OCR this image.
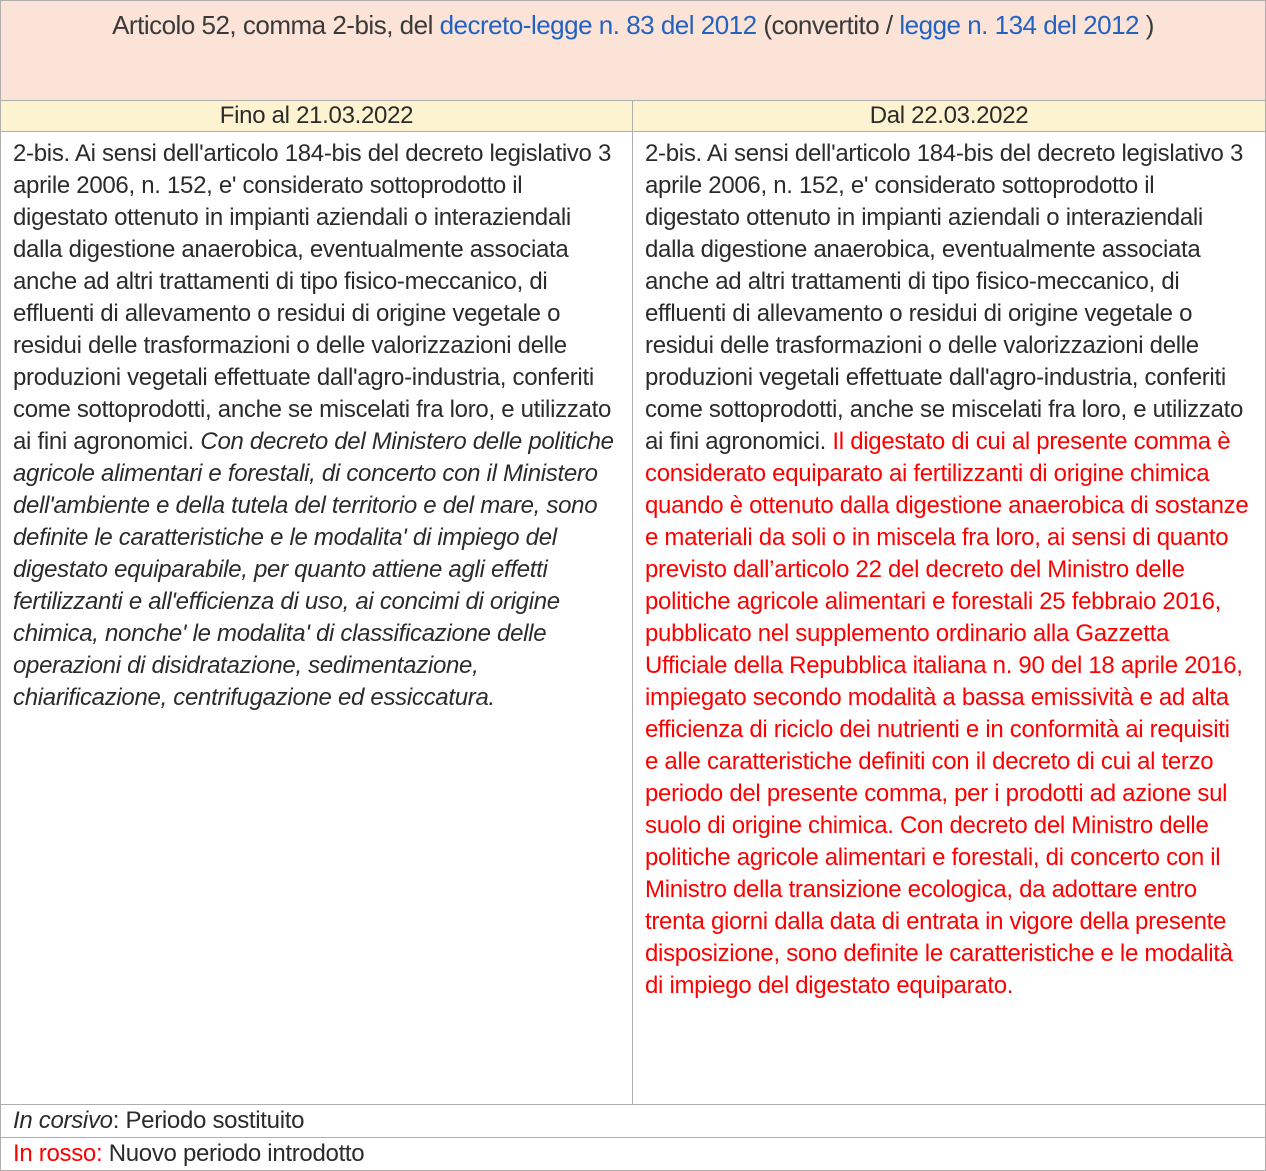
Articolo 52, comma 2-bis, del decreto-legge n. 83 del 2012 (convertito / legge n. 134 del 2012 )
Fino al 21.03.2022	Dal 22.03.2022
2-bis. Ai sensi dell'articolo 184-bis del decreto legislativo 3 aprile 2006, n. 152, e' considerato sottoprodotto il digestato ottenuto in impianti aziendali o interaziendali dalla digestione anaerobica, eventualmente associata anche ad altri trattamenti di tipo fisico-meccanico, di effluenti di allevamento o residui di origine vegetale o residui delle trasformazioni o delle valorizzazioni delle produzioni vegetali effettuate dall'agro-industria, conferiti come sottoprodotti, anche se miscelati fra loro, e utilizzato ai fini agronomici. Con decreto del Ministero delle politiche agricole alimentari e forestali, di concerto con il Ministero dell'ambiente e della tutela del territorio e del mare, sono definite le caratteristiche e le modalita' di impiego del digestato equiparabile, per quanto attiene agli effetti fertilizzanti e all'efficienza di uso, ai concimi di origine chimica, nonche' le modalita' di classificazione delle operazioni di disidratazione, sedimentazione, chiarificazione, centrifugazione ed essiccatura.
2-bis. Ai sensi dell'articolo 184-bis del decreto legislativo 3 aprile 2006, n. 152, e' considerato sottoprodotto il digestato ottenuto in impianti aziendali o interaziendali dalla digestione anaerobica, eventualmente associata anche ad altri trattamenti di tipo fisico-meccanico, di effluenti di allevamento o residui di origine vegetale o residui delle trasformazioni o delle valorizzazioni delle produzioni vegetali effettuate dall'agro-industria, conferiti come sottoprodotti, anche se miscelati fra loro, e utilizzato ai fini agronomici. Il digestato di cui al presente comma è considerato equiparato ai fertilizzanti di origine chimica quando è ottenuto dalla digestione anaerobica di sostanze e materiali da soli o in miscela fra loro, ai sensi di quanto previsto dall’articolo 22 del decreto del Ministro delle politiche agricole alimentari e forestali 25 febbraio 2016, pubblicato nel supplemento ordinario alla Gazzetta Ufficiale della Repubblica italiana n. 90 del 18 aprile 2016, impiegato secondo modalità a bassa emissività e ad alta efficienza di riciclo dei nutrienti e in conformità ai requisiti e alle caratteristiche definiti con il decreto di cui al terzo periodo del presente comma, per i prodotti ad azione sul suolo di origine chimica. Con decreto del Ministro delle politiche agricole alimentari e forestali, di concerto con il Ministro della transizione ecologica, da adottare entro trenta giorni dalla data di entrata in vigore della presente disposizione, sono definite le caratteristiche e le modalità di impiego del digestato equiparato.
In corsivo : Periodo sostituito
In rosso: Nuovo periodo introdotto
